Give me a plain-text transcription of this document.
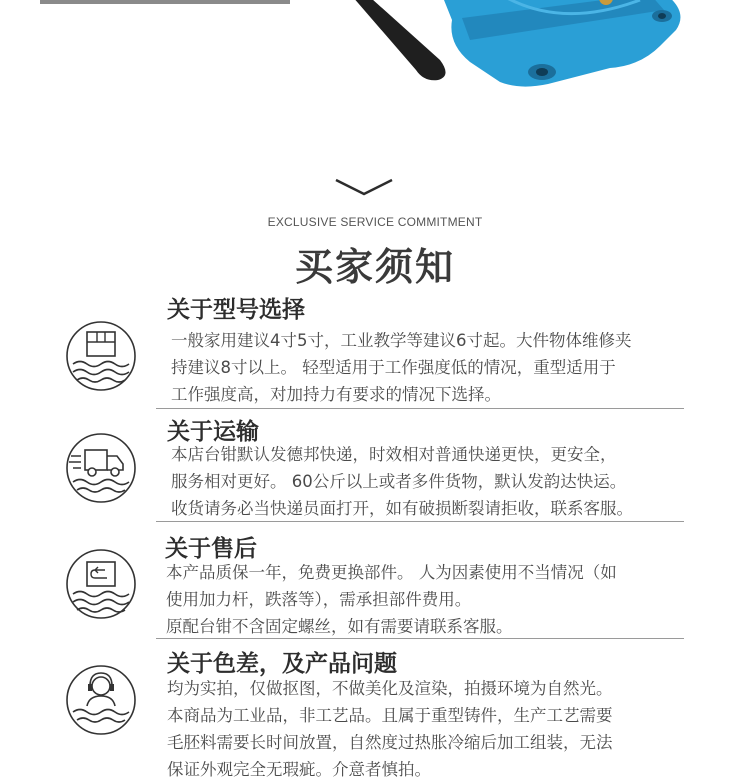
EXCLUSIVE SERVICE COMMITMENT
买家须知
关于型号选择
一般家用建议4寸5寸，工业教学等建议6寸起。大件物体维修夹
持建议8寸以上。 轻型适用于工作强度低的情况，重型适用于
工作强度高，对加持力有要求的情况下选择。
关于运输
本店台钳默认发德邦快递，时效相对普通快递更快，更安全，
服务相对更好。 60公斤以上或者多件货物，默认发韵达快运。
收货请务必当快递员面打开，如有破损断裂请拒收，联系客服。
关于售后
本产品质保一年，免费更换部件。 人为因素使用不当情况（如
使用加力杆，跌落等），需承担部件费用。
原配台钳不含固定螺丝，如有需要请联系客服。
关于色差，及产品问题
均为实拍，仅做抠图，不做美化及渲染，拍摄环境为自然光。
本商品为工业品，非工艺品。且属于重型铸件，生产工艺需要
毛胚料需要长时间放置，自然度过热胀冷缩后加工组装，无法
保证外观完全无瑕疵。介意者慎拍。
